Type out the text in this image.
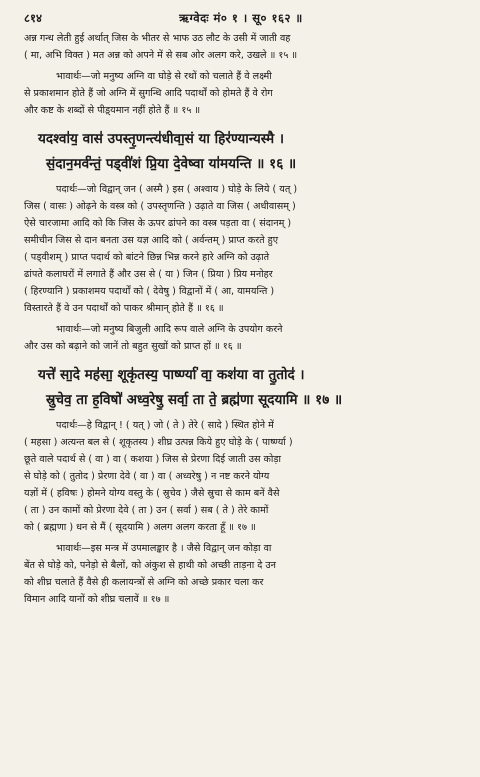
८१४	ऋग्वेदः मं० १ । सू० १६२ ॥

अन्न गन्ध लेती हुई अर्थात् जिस के भीतर से भाफ उठ लौट के उसी में जाती वह

( मा, अभि विक्त ) मत अन्न को अपने में से सब ओर अलग करे, उखले ॥ १५ ॥

भावार्थः—जो मनुष्य अग्नि वा घोड़े से रथों को चलाते हैं वे लक्ष्मी

से प्रकाशमान होते हैं जो अग्नि में सुगन्धि आदि पदार्थों को होमते हैं वे रोग

और कष्ट के शब्दों से पीड़्यमान नहीं होते हैं ॥ १५ ॥

यदश्वा॑य॒ वास॑ उपस्तृ॒णन्त्य॑धीवा॒सं या हिर॑ण्यान्यस्मै ।

सं॒दान॒मर्व॑न्तं॒ पड्वी॑शं प्रि॒या दे॒वेष्वा या॑मयन्ति ॥ १६ ॥

पदार्थः—जो विद्वान् जन ( अस्मै ) इस ( अश्वाय ) घोड़े के लिये ( यत् )

जिस ( वासः ) ओढ़ने के वस्त्र को ( उपस्तृणन्ति ) उढ़ाते वा जिस ( अधीवासम् )

ऐसे चारजामा आदि को कि जिस के ऊपर ढांपने का वस्त्र पड़ता वा ( संदानम् )

समीचीन जिस से दान बनता उस यज्ञ आदि को ( अर्वन्तम् ) प्राप्त करते हुए

( पड्वीशम् ) प्राप्त पदार्थ को बांटने छिन्न भिन्न करने हारे अग्नि को उढ़ाते

ढांपते कलाघरों में लगाते हैं और उस से ( या ) जिन ( प्रिया ) प्रिय मनोहर

( हिरण्यानि ) प्रकाशमय पदार्थों को ( देवेषु ) विद्वानों में ( आ, यामयन्ति )

विस्तारते हैं वे उन पदार्थों को पाकर श्रीमान् होते हैं ॥ १६ ॥

भावार्थः—जो मनुष्य बिजुली आदि रूप वाले अग्नि के उपयोग करने

और उस को बढ़ाने को जानें तो बहुत सुखों को प्राप्त हों ॥ १६ ॥

यत्ते॑ सा॒दे मह॑सा॒ शूकृ॑तस्य॒ पार्ष्ण्या॑ वा॒ कश॑या वा तु॒तोद॑ ।

स्रु॒चेव॒ ता ह॒विषो॑ अध्व॒रेषु॒ सर्वा॒ ता ते॒ ब्रह्म॑णा सूदयामि ॥ १७ ॥

पदार्थः—हे विद्वान् ! ( यत् ) जो ( ते ) तेरे ( सादे ) स्थित होने में

( महसा ) अत्यन्त बल से ( शूकृतस्य ) शीघ्र उत्पन्न किये हुए घोड़े के ( पार्ष्ण्या )

छूते वाले पदार्थ से ( वा ) वा ( कशया ) जिस से प्रेरणा दिई जाती उस कोड़ा

से घोड़े को ( तुतोद ) प्रेरणा देवे ( वा ) वा ( अध्वरेषु ) न नष्ट करने योग्य

यज्ञों में ( हविषः ) होमने योग्य वस्तु के ( स्रुचेव ) जैसे स्रुचा से काम बनें वैसे

( ता ) उन कामों को प्रेरणा देवे ( ता ) उन ( सर्वा ) सब ( ते ) तेरे कामों

को ( ब्रह्मणा ) धन से मैं ( सूदयामि ) अलग अलग करता हूँ ॥ १७ ॥

भावार्थः—इस मन्त्र में उपमालङ्कार है । जैसे विद्वान् जन कोड़ा वा

बेंत से घोड़े को, पनेड़ो से बैलों, को अंकुश से हाथी को अच्छी ताड़ना दे उन

को शीघ्र चलाते हैं वैसे ही कलायन्त्रों से अग्नि को अच्छे प्रकार चला कर

विमान आदि यानों को शीघ्र चलावें ॥ १७ ॥
